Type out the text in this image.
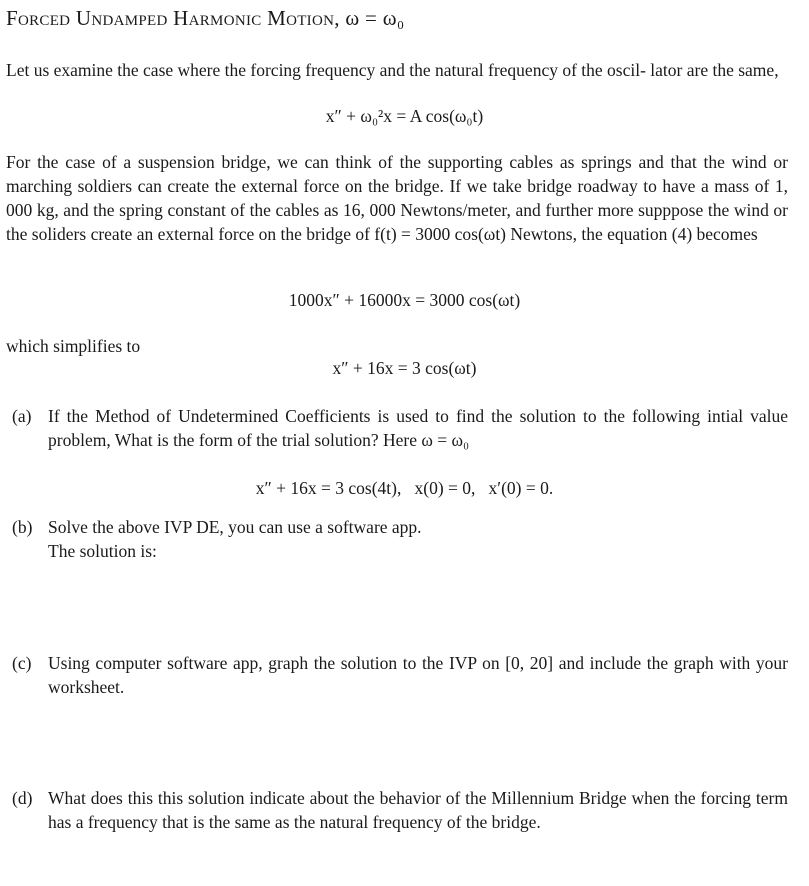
Forced Undamped Harmonic Motion, ω = ω₀
Let us examine the case where the forcing frequency and the natural frequency of the oscil- lator are the same,
x″ + ω₀²x = A cos(ω₀t)
For the case of a suspension bridge, we can think of the supporting cables as springs and that the wind or marching soldiers can create the external force on the bridge. If we take bridge roadway to have a mass of 1, 000 kg, and the spring constant of the cables as 16, 000 Newtons/meter, and further more supppose the wind or the soliders create an external force on the bridge of f(t) = 3000 cos(ωt) Newtons, the equation (4) becomes
1000x″ + 16000x = 3000 cos(ωt)
which simplifies to
x″ + 16x = 3 cos(ωt)
(a) If the Method of Undetermined Coefficients is used to find the solution to the following intial value problem, What is the form of the trial solution? Here ω = ω₀
x″ + 16x = 3 cos(4t),   x(0) = 0,   x′(0) = 0.
(b) Solve the above IVP DE, you can use a software app.
The solution is:
(c) Using computer software app, graph the solution to the IVP on [0, 20] and include the graph with your worksheet.
(d) What does this this solution indicate about the behavior of the Millennium Bridge when the forcing term has a frequency that is the same as the natural frequency of the bridge.
